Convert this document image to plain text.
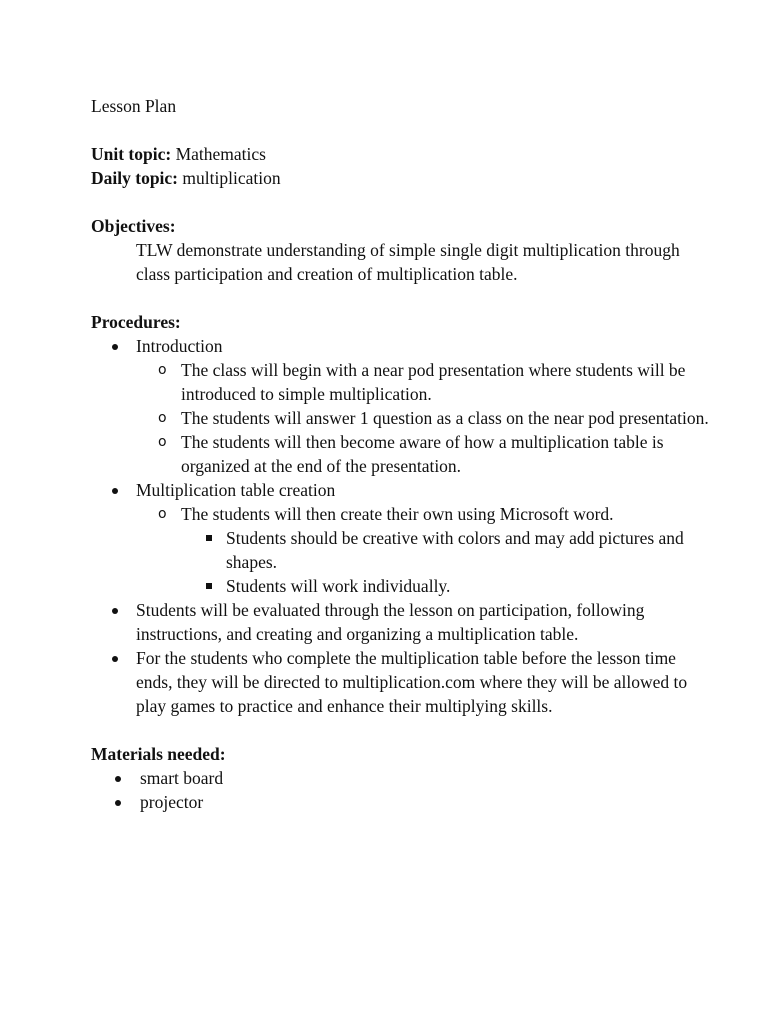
Lesson Plan
Unit topic: Mathematics
Daily topic: multiplication
Objectives:
TLW demonstrate understanding of simple single digit multiplication through class participation and creation of multiplication table.
Procedures:
Introduction
o The class will begin with a near pod presentation where students will be introduced to simple multiplication.
o The students will answer 1 question as a class on the near pod presentation.
o The students will then become aware of how a multiplication table is organized at the end of the presentation.
Multiplication table creation
o The students will then create their own using Microsoft word.
Students should be creative with colors and may add pictures and shapes.
Students will work individually.
Students will be evaluated through the lesson on participation, following instructions, and creating and organizing a multiplication table.
For the students who complete the multiplication table before the lesson time ends, they will be directed to multiplication.com where they will be allowed to play games to practice and enhance their multiplying skills.
Materials needed:
smart board
projector
